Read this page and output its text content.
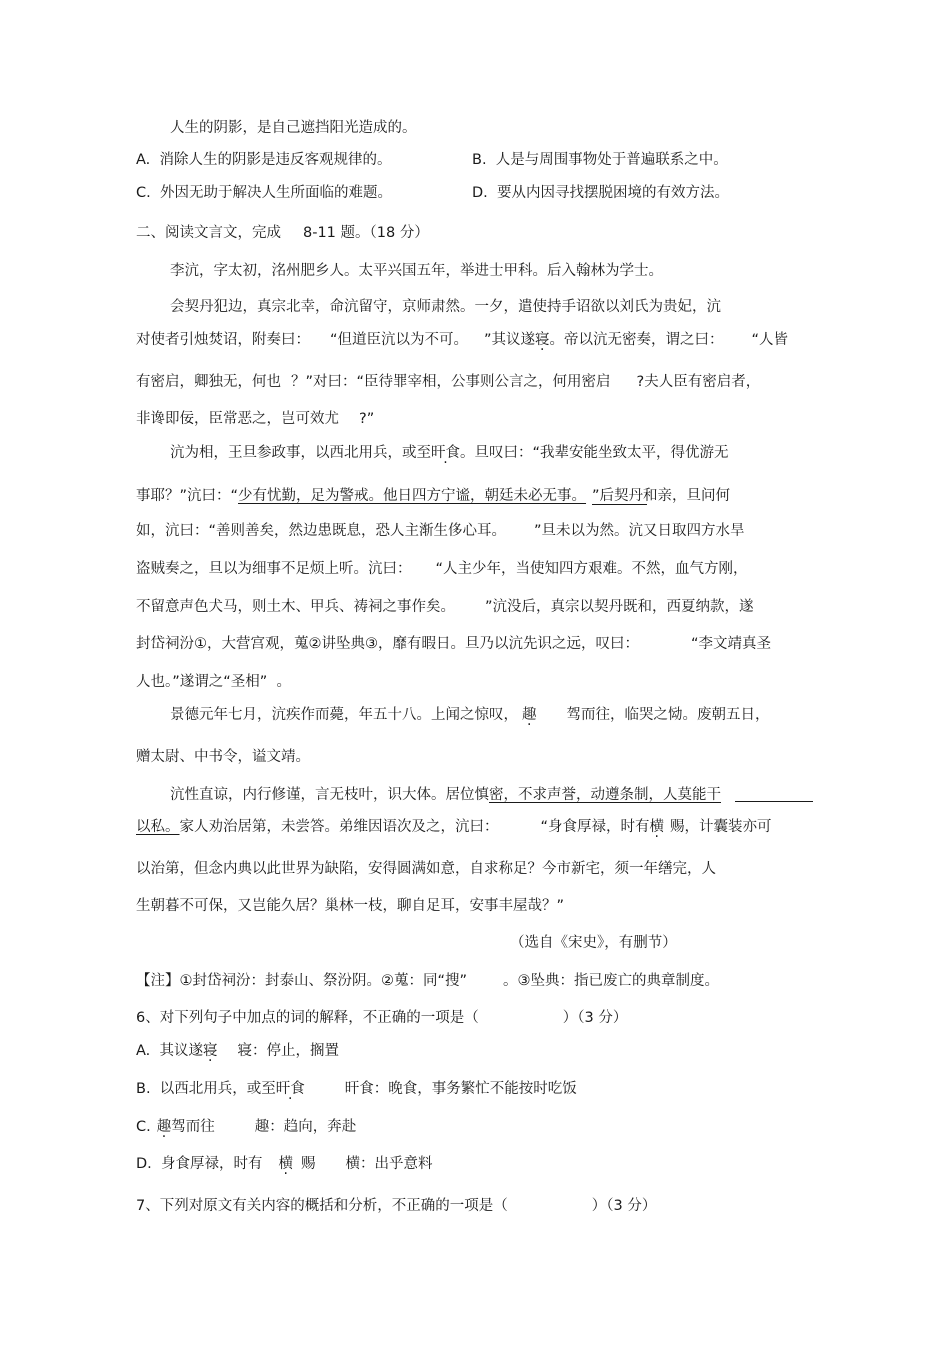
人生的阴影，是自己遮挡阳光造成的。
A.  消除人生的阴影是违反客观规律的。	B.  人是与周围事物处于普遍联系之中。
C.  外因无助于解决人生所面临的难题。	D.  要从内因寻找摆脱困境的有效方法。
二、阅读文言文，完成 8-11 题。（18 分）
李沆，字太初，洺州肥乡人。太平兴国五年，举进士甲科。后入翰林为学士。
会契丹犯边，真宗北幸，命沆留守，京师肃然。一夕，遣使持手诏欲以刘氏为贵妃，沆
对使者引烛焚诏，附奏曰： “但道臣沆以为不可。 ”其议遂寝。帝以沆无密奏，谓之曰： “人皆
有密启，卿独无，何也 ？”对曰：“臣待罪宰相，公事则公言之，何用密启 ?夫人臣有密启者，
非谗即佞，臣常恶之，岂可效尤 ?”
沆为相，王旦参政事，以西北用兵，或至旰食。旦叹曰：“我辈安能坐致太平，得优游无
事耶？”沆曰：“少有忧勤，足为警戒。他日四方宁谧，朝廷未必无事。 ”后契丹和亲，旦问何
如，沆曰：“善则善矣，然边患既息，恐人主渐生侈心耳。 ”旦未以为然。沆又日取四方水旱
盗贼奏之，旦以为细事不足烦上听。沆曰： “人主少年，当使知四方艰难。不然，血气方刚，
不留意声色犬马，则土木、甲兵、祷祠之事作矣。 ”沆没后，真宗以契丹既和，西夏纳款，遂
封岱祠汾①，大营宫观，蒐②讲坠典③，靡有暇日。旦乃以沆先识之远，叹曰：	“李文靖真圣
人也。”遂谓之“圣相”  。
景德元年七月，沆疾作而薨，年五十八。上闻之惊叹， 趣 驾而往，临哭之恸。废朝五日，
赠太尉、中书令，谥文靖。
沆性直谅，内行修谨，言无枝叶，识大体。居位慎密，不求声誉，动遵条制，人莫能干
以私。家人劝治居第，未尝答。弟维因语次及之，沆曰：	“身食厚禄，时有横 赐，计囊装亦可
以治第，但念内典以此世界为缺陷，安得圆满如意，自求称足？今市新宅，须一年缮完，人
生朝暮不可保，又岂能久居？巢林一枝，聊自足耳，安事丰屋哉？”
（选自《宋史》，有删节）
【注】①封岱祠汾：封泰山、祭汾阴。②蒐：同“搜” 。③坠典：指已废亡的典章制度。
6、对下列句子中加点的词的解释，不正确的一项是（	）（3 分）
A.  其议遂寝 寝：停止，搁置
B.  以西北用兵，或至旰食	旰食：晚食，事务繁忙不能按时吃饭
C. 趣驾而往	趣：趋向，奔赴
D.  身食厚禄，时有 横 赐 横：出乎意料
7、下列对原文有关内容的概括和分析，不正确的一项是（	）（3 分）
